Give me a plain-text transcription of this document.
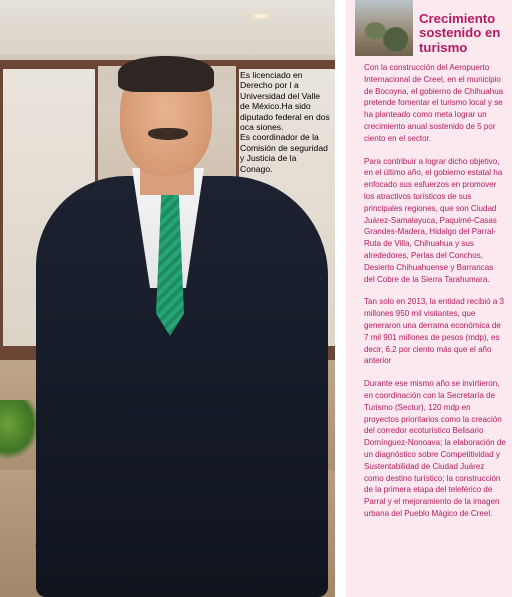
Es licenciado en Derecho por l a Universidad del Valle de México.Ha sido diputado federal en dos oca siones.

Es coordinador de la Comisión de seguridad y Justicia de la Conago.

Crecimiento sostenido en turismo

Con la construcción del Aeropuerto Internacional de Creel, en el municipio de Bocoyna, el gobierno de Chihuahua pretende fomentar el turismo local y se ha planteado como meta lograr un crecimiento anual sostenido de 5 por ciento en el sector.

Para contribuir a lograr dicho objetivo, en el último año, el gobierno estatal ha enfocado sus esfuerzos en promover los atractivos turísticos de sus principales regiones, que son Ciudad Juárez-Samalayuca, Paquimé-Casas Grandes-Madera, Hidalgo del Parral-Ruta de Villa, Chihuahua y sus alrededores, Perlas del Conchos, Desierto Chihuahuense y Barrancas del Cobre de la Sierra Tarahumara.

Tan solo en 2013, la entidad recibió a 3 millones 950 mil visitantes, que generaron una derrama económica de 7 mil 901 millones de pesos (mdp), es decir, 6.2 por ciento más que el año anterior

Durante ese mismo año se invirtieron, en coordinación con la Secretaría de Turismo (Sectur), 120 mdp en proyectos prioritarios como la creación del corredor ecoturístico Belisario Domínguez-Nonoava; la elaboración de un diagnóstico sobre Competitividad y Sustentabilidad de Ciudad Juárez como destino turístico; la construcción de la primera etapa del teleférico de Parral y el mejoramiento de la imagen urbana del Pueblo Mágico de Creel.
